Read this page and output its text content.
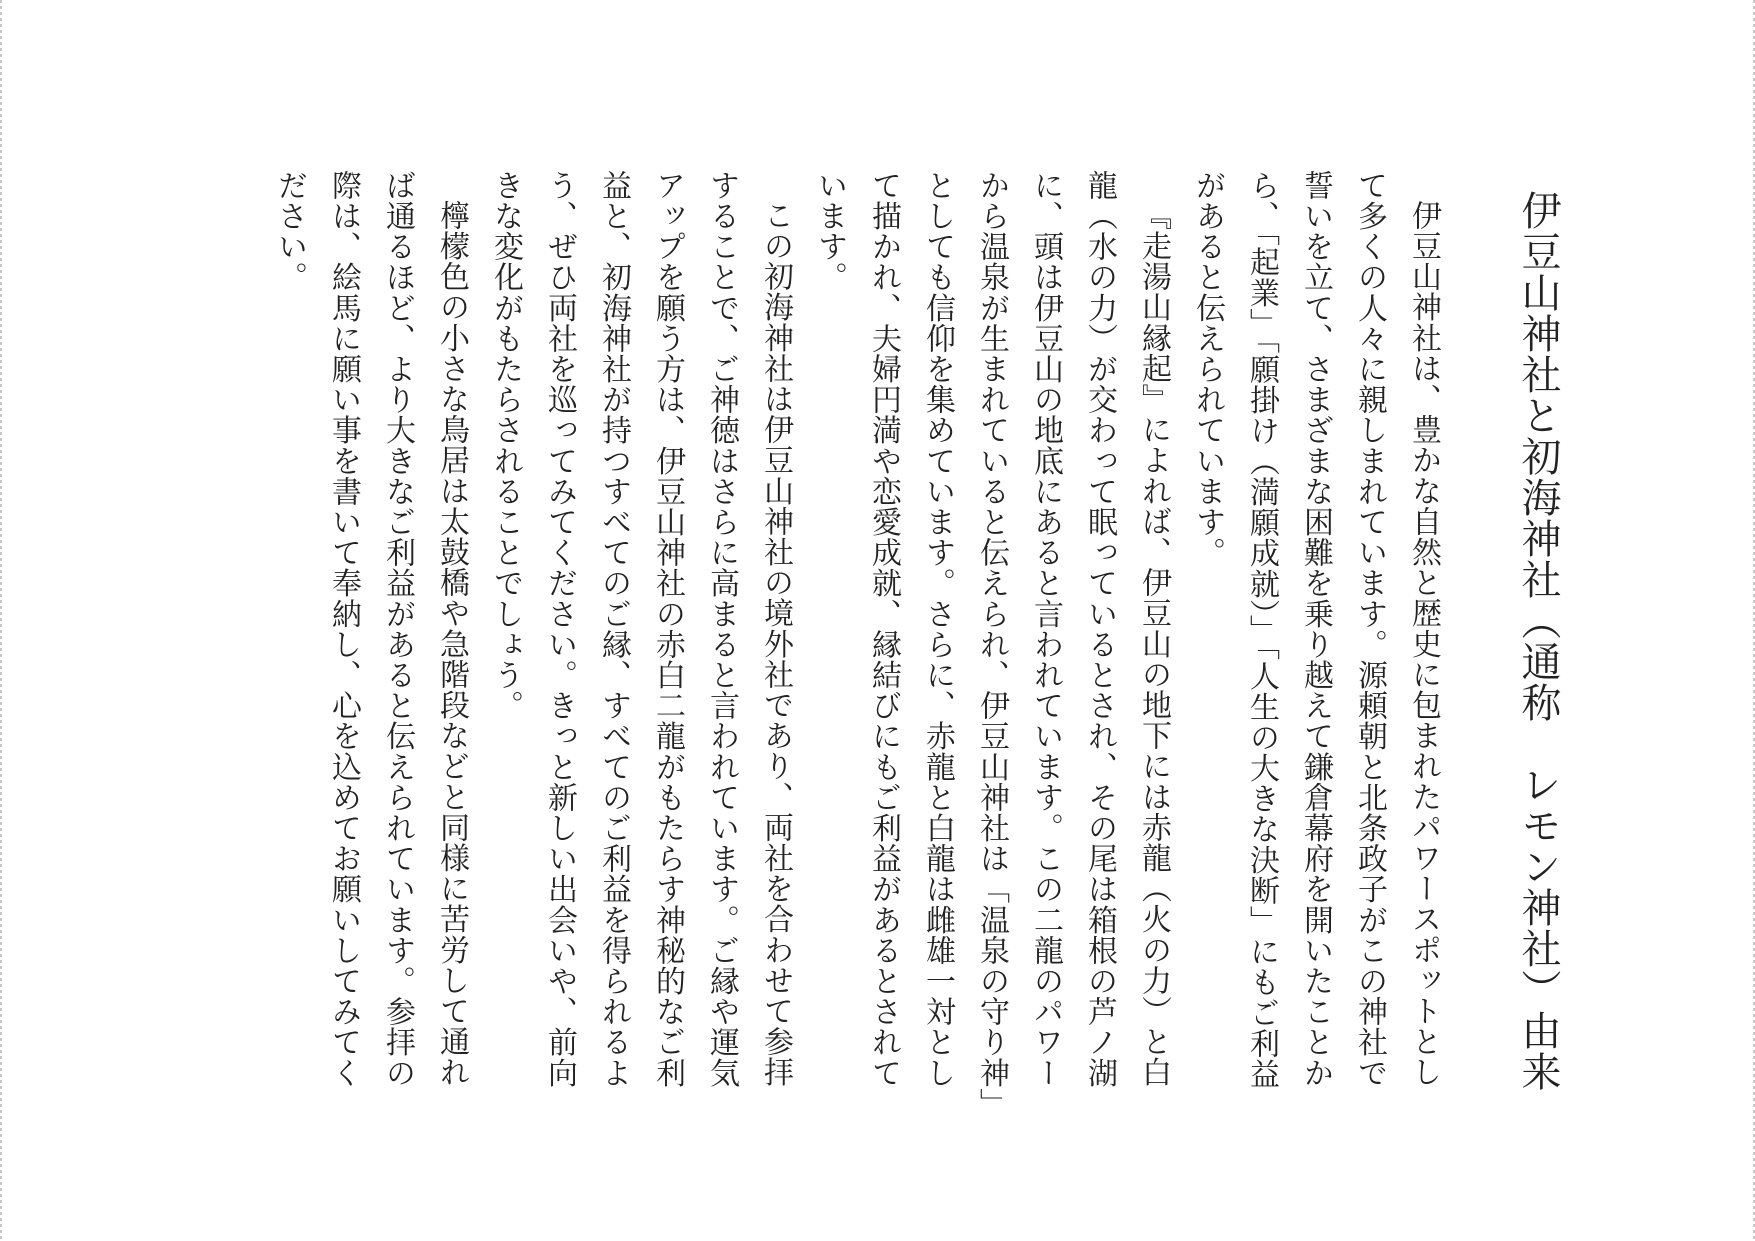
伊豆山神社と初海神社（通称　レモン神社）由来

伊豆山神社は、豊かな自然と歴史に包まれたパワースポットとして多くの人々に親しまれています。源頼朝と北条政子がこの神社で誓いを立て、さまざまな困難を乗り越えて鎌倉幕府を開いたことから、「起業」「願掛け（満願成就）」「人生の大きな決断」にもご利益があると伝えられています。

『走湯山縁起』によれば、伊豆山の地下には赤龍（火の力）と白龍（水の力）が交わって眠っているとされ、その尾は箱根の芦ノ湖に、頭は伊豆山の地底にあると言われています。この二龍のパワーから温泉が生まれていると伝えられ、伊豆山神社は「温泉の守り神」としても信仰を集めています。さらに、赤龍と白龍は雌雄一対として描かれ、夫婦円満や恋愛成就、縁結びにもご利益があるとされています。

この初海神社は伊豆山神社の境外社であり、両社を合わせて参拝することで、ご神徳はさらに高まると言われています。ご縁や運気アップを願う方は、伊豆山神社の赤白二龍がもたらす神秘的なご利益と、初海神社が持つすべてのご縁、すべてのご利益を得られるよう、ぜひ両社を巡ってみてください。きっと新しい出会いや、前向きな変化がもたらされることでしょう。

檸檬色の小さな鳥居は太鼓橋や急階段などと同様に苦労して通れば通るほど、より大きなご利益があると伝えられています。参拝の際は、絵馬に願い事を書いて奉納し、心を込めてお願いしてみてください。
